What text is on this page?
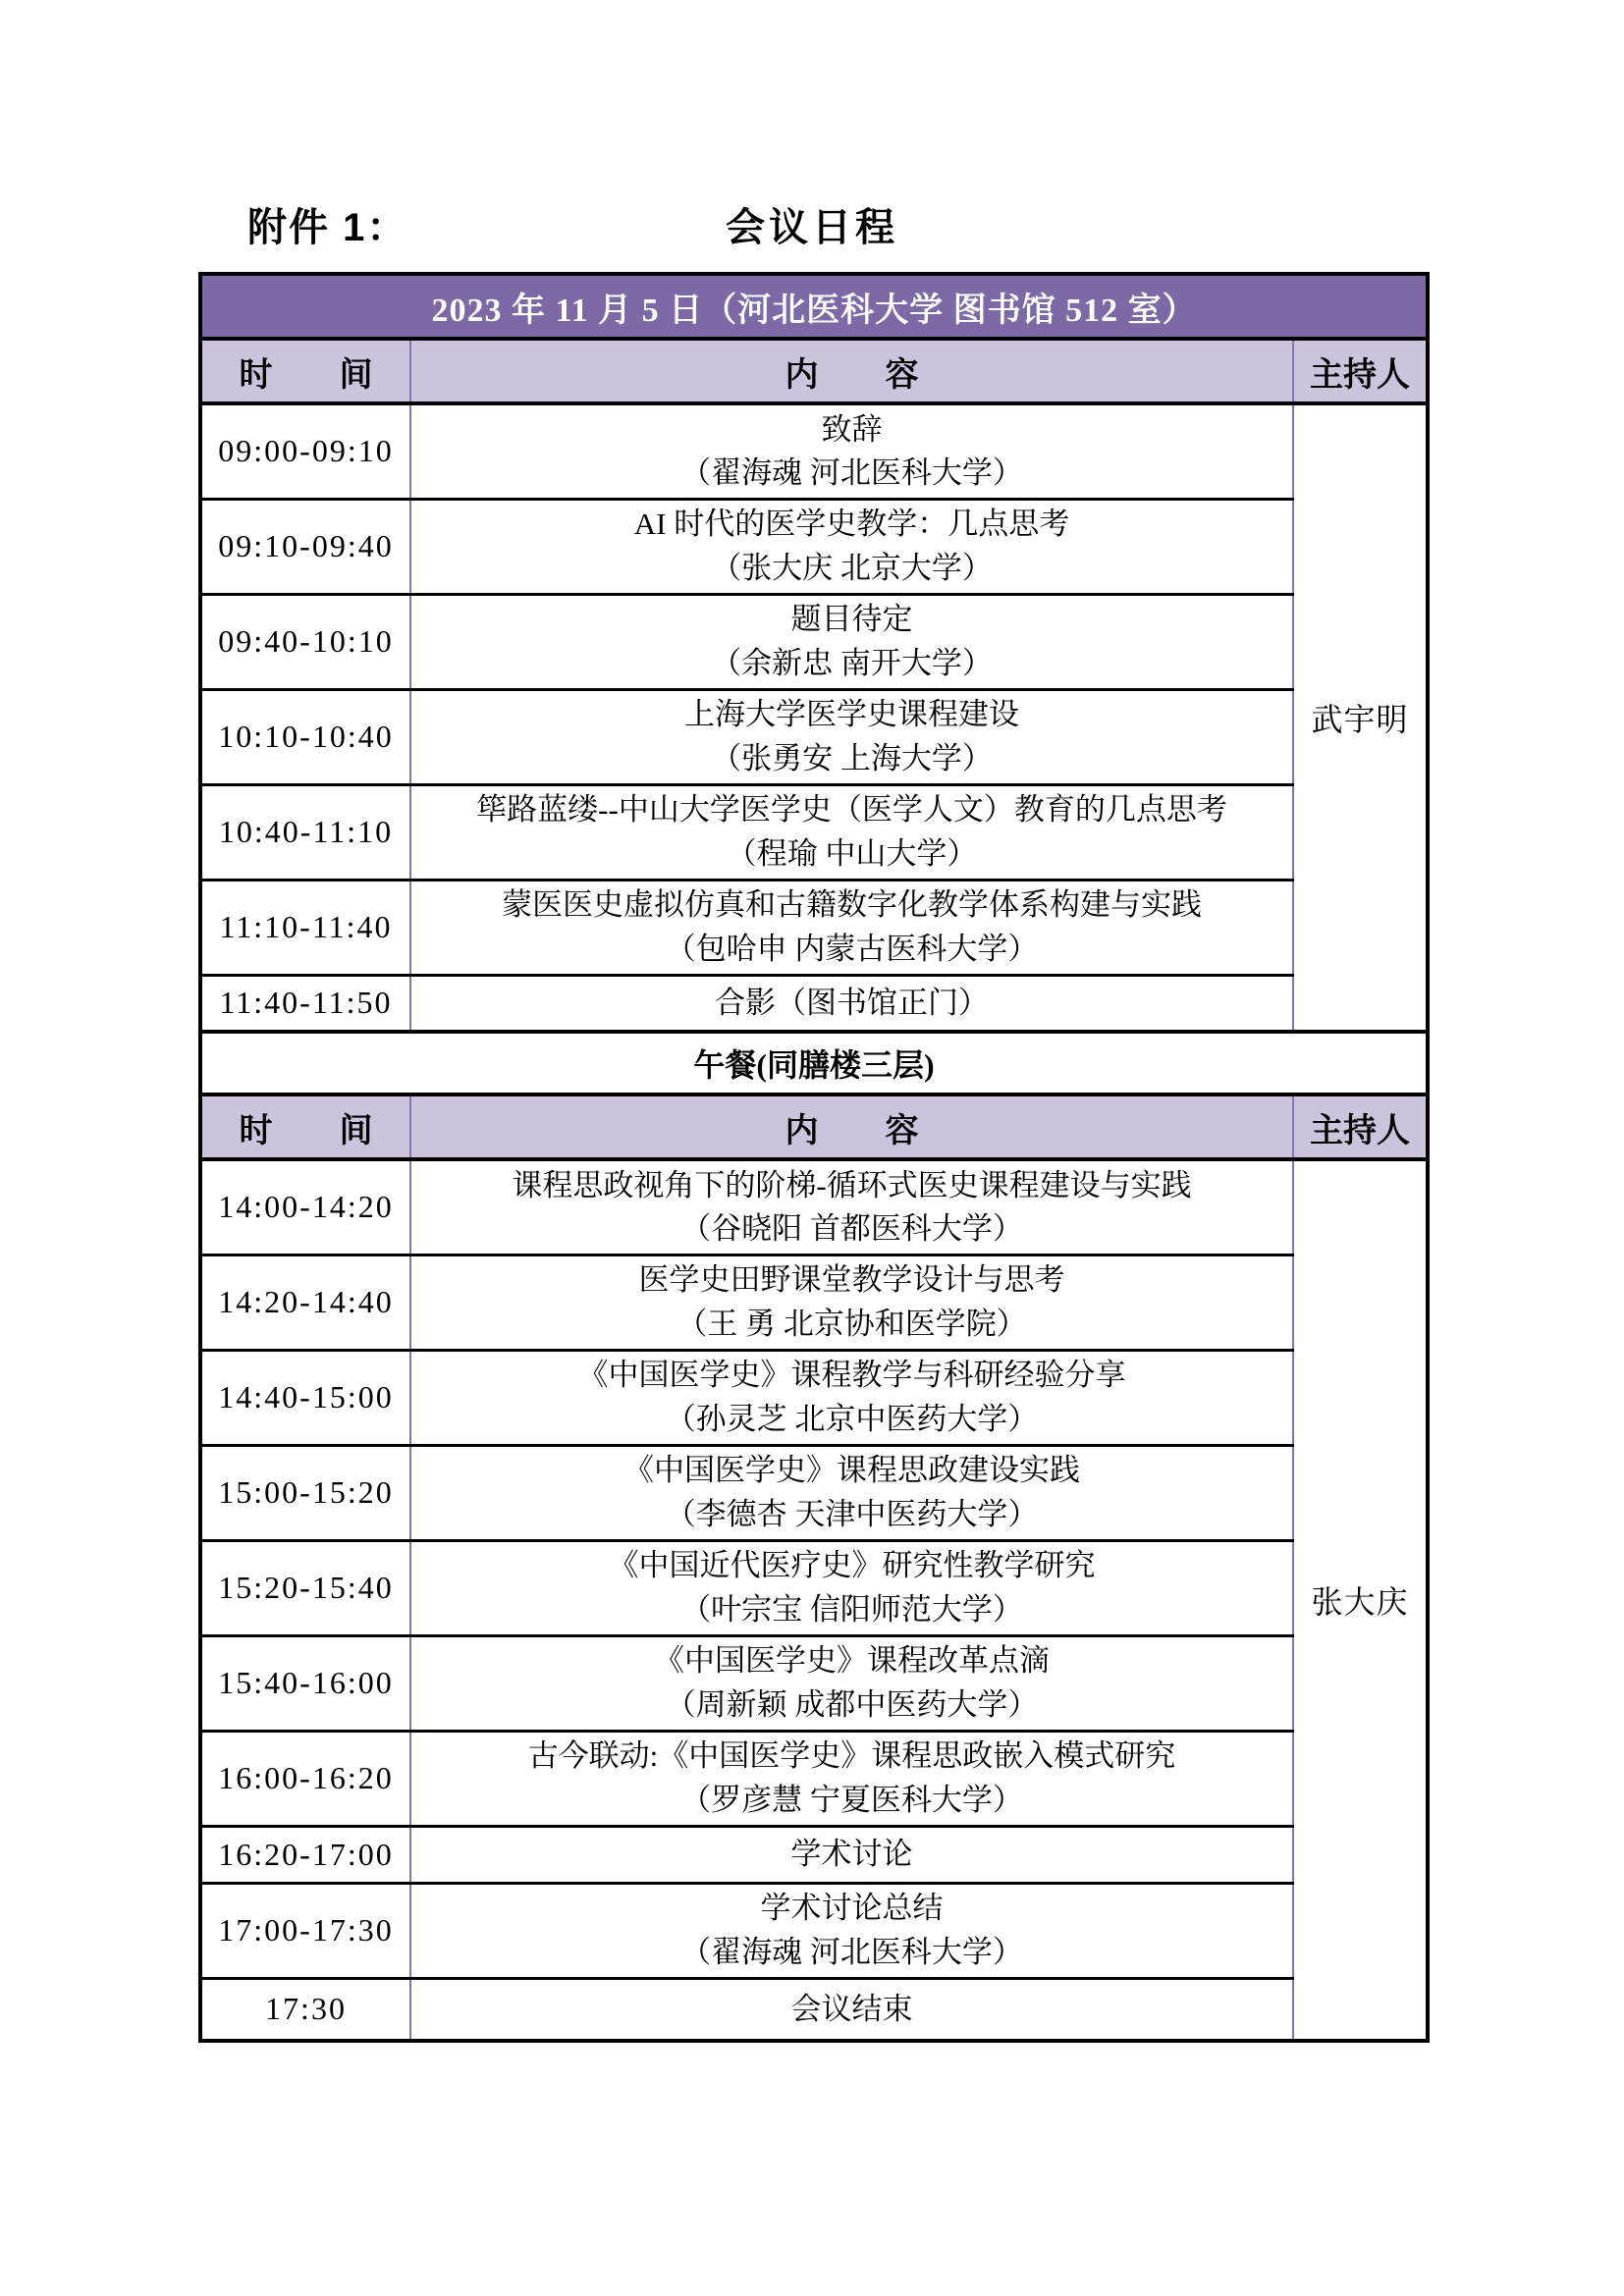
附件 1：	会议日程
2023 年 11 月 5 日（河北医科大学 图书馆 512 室）		
时　　间	内　　容	主持人
09:00-09:10	致辞
（翟海魂 河北医科大学）	武宇明
09:10-09:40	AI 时代的医学史教学：几点思考
（张大庆 北京大学）	

09:40-10:10	题目待定
（余新忠 南开大学）	

10:10-10:40	上海大学医学史课程建设
（张勇安 上海大学）	

10:40-11:10	筚路蓝缕--中山大学医学史（医学人文）教育的几点思考
（程瑜 中山大学）	

11:10-11:40	蒙医医史虚拟仿真和古籍数字化教学体系构建与实践
（包哈申 内蒙古医科大学）	

11:40-11:50	合影（图书馆正门）	

午餐(同膳楼三层)		
时　　间	内　　容	主持人
14:00-14:20	课程思政视角下的阶梯-循环式医史课程建设与实践
（谷晓阳 首都医科大学）	张大庆
14:20-14:40	医学史田野课堂教学设计与思考
（王 勇 北京协和医学院）	

14:40-15:00	《中国医学史》课程教学与科研经验分享
（孙灵芝 北京中医药大学）	

15:00-15:20	《中国医学史》课程思政建设实践
（李德杏 天津中医药大学）	

15:20-15:40	《中国近代医疗史》研究性教学研究
（叶宗宝 信阳师范大学）	

15:40-16:00	《中国医学史》课程改革点滴
（周新颖 成都中医药大学）	

16:00-16:20	古今联动:《中国医学史》课程思政嵌入模式研究
（罗彦慧 宁夏医科大学）	

16:20-17:00	学术讨论	

17:00-17:30	学术讨论总结
（翟海魂 河北医科大学）	

17:30	会议结束	
